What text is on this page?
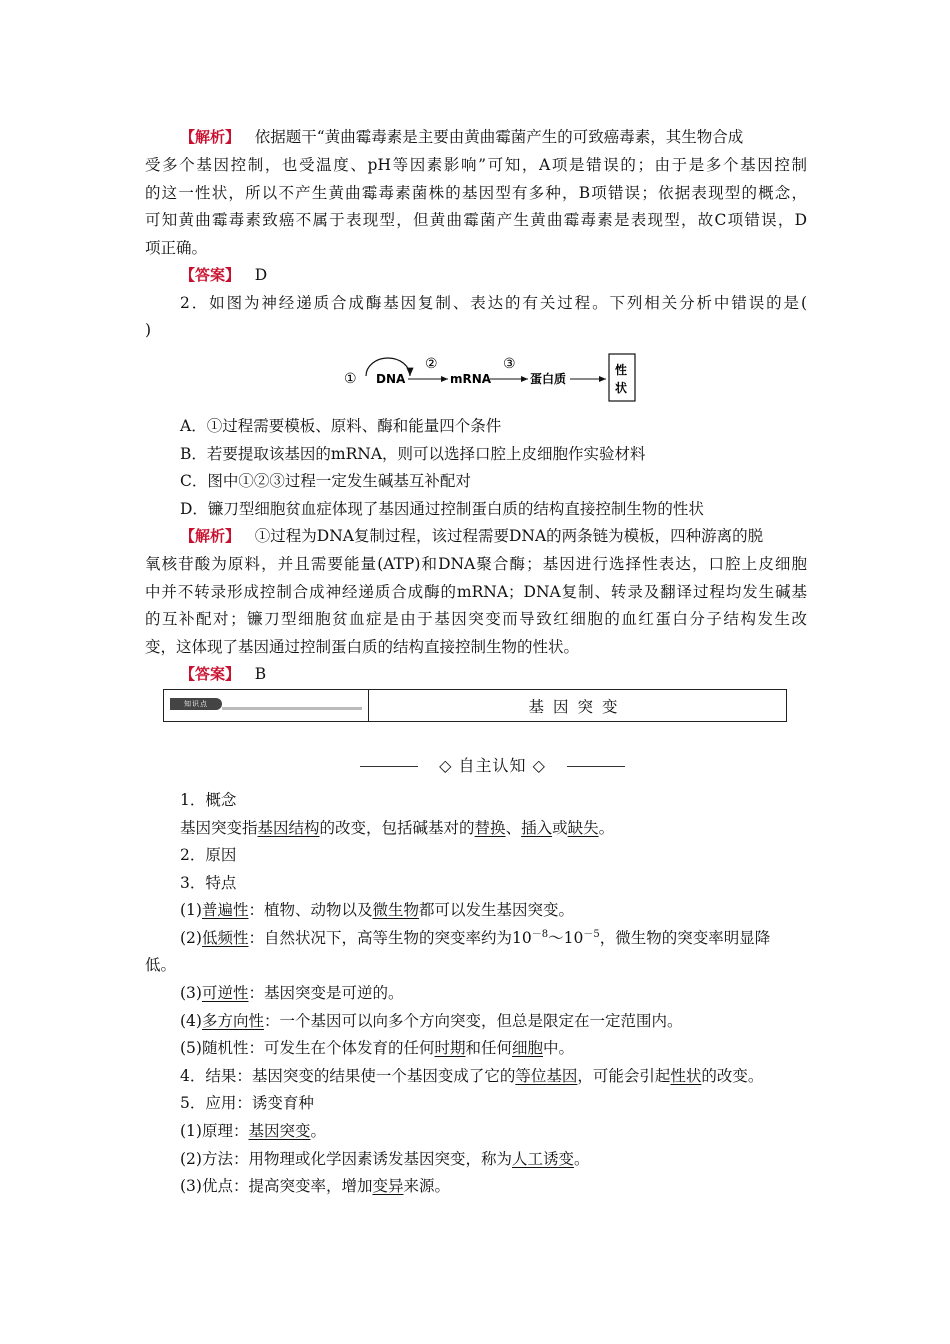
【解析】 依据题干“黄曲霉毒素是主要由黄曲霉菌产生的可致癌毒素，其生物合成
受多个基因控制，也受温度、pH等因素影响”可知，A项是错误的；由于是多个基因控制
的这一性状，所以不产生黄曲霉毒素菌株的基因型有多种，B项错误；依据表现型的概念，
可知黄曲霉毒素致癌不属于表现型，但黄曲霉菌产生黄曲霉毒素是表现型，故C项错误，D
项正确。
【答案】 D
2．如图为神经递质合成酶基因复制、表达的有关过程。下列相关分析中错误的是(
)
① DNA
②
mRNA
③
蛋白质
性
状
A．①过程需要模板、原料、酶和能量四个条件
B．若要提取该基因的mRNA，则可以选择口腔上皮细胞作实验材料
C．图中①②③过程一定发生碱基互补配对
D．镰刀型细胞贫血症体现了基因通过控制蛋白质的结构直接控制生物的性状
【解析】 ①过程为DNA复制过程，该过程需要DNA的两条链为模板，四种游离的脱
氧核苷酸为原料，并且需要能量(ATP)和DNA聚合酶；基因进行选择性表达，口腔上皮细胞
中并不转录形成控制合成神经递质合成酶的mRNA；DNA复制、转录及翻译过程均发生碱基
的互补配对；镰刀型细胞贫血症是由于基因突变而导致红细胞的血红蛋白分子结构发生改
变，这体现了基因通过控制蛋白质的结构直接控制生物的性状。
【答案】 B
知识点	基因突变
◇ 自主认知 ◇
1．概念
基因突变指基因结构的改变，包括碱基对的替换、插入或缺失。
2．原因
3．特点
(1)普遍性：植物、动物以及微生物都可以发生基因突变。
(2)低频性：自然状况下，高等生物的突变率约为$10^{-8}\sim 10^{-5}$，微生物的突变率明显降
低。
(3)可逆性：基因突变是可逆的。
(4)多方向性：一个基因可以向多个方向突变，但总是限定在一定范围内。
(5)随机性：可发生在个体发育的任何时期和任何细胞中。
4．结果：基因突变的结果使一个基因变成了它的等位基因，可能会引起性状的改变。
5．应用：诱变育种
(1)原理：基因突变。
(2)方法：用物理或化学因素诱发基因突变，称为人工诱变。
(3)优点：提高突变率，增加变异来源。
